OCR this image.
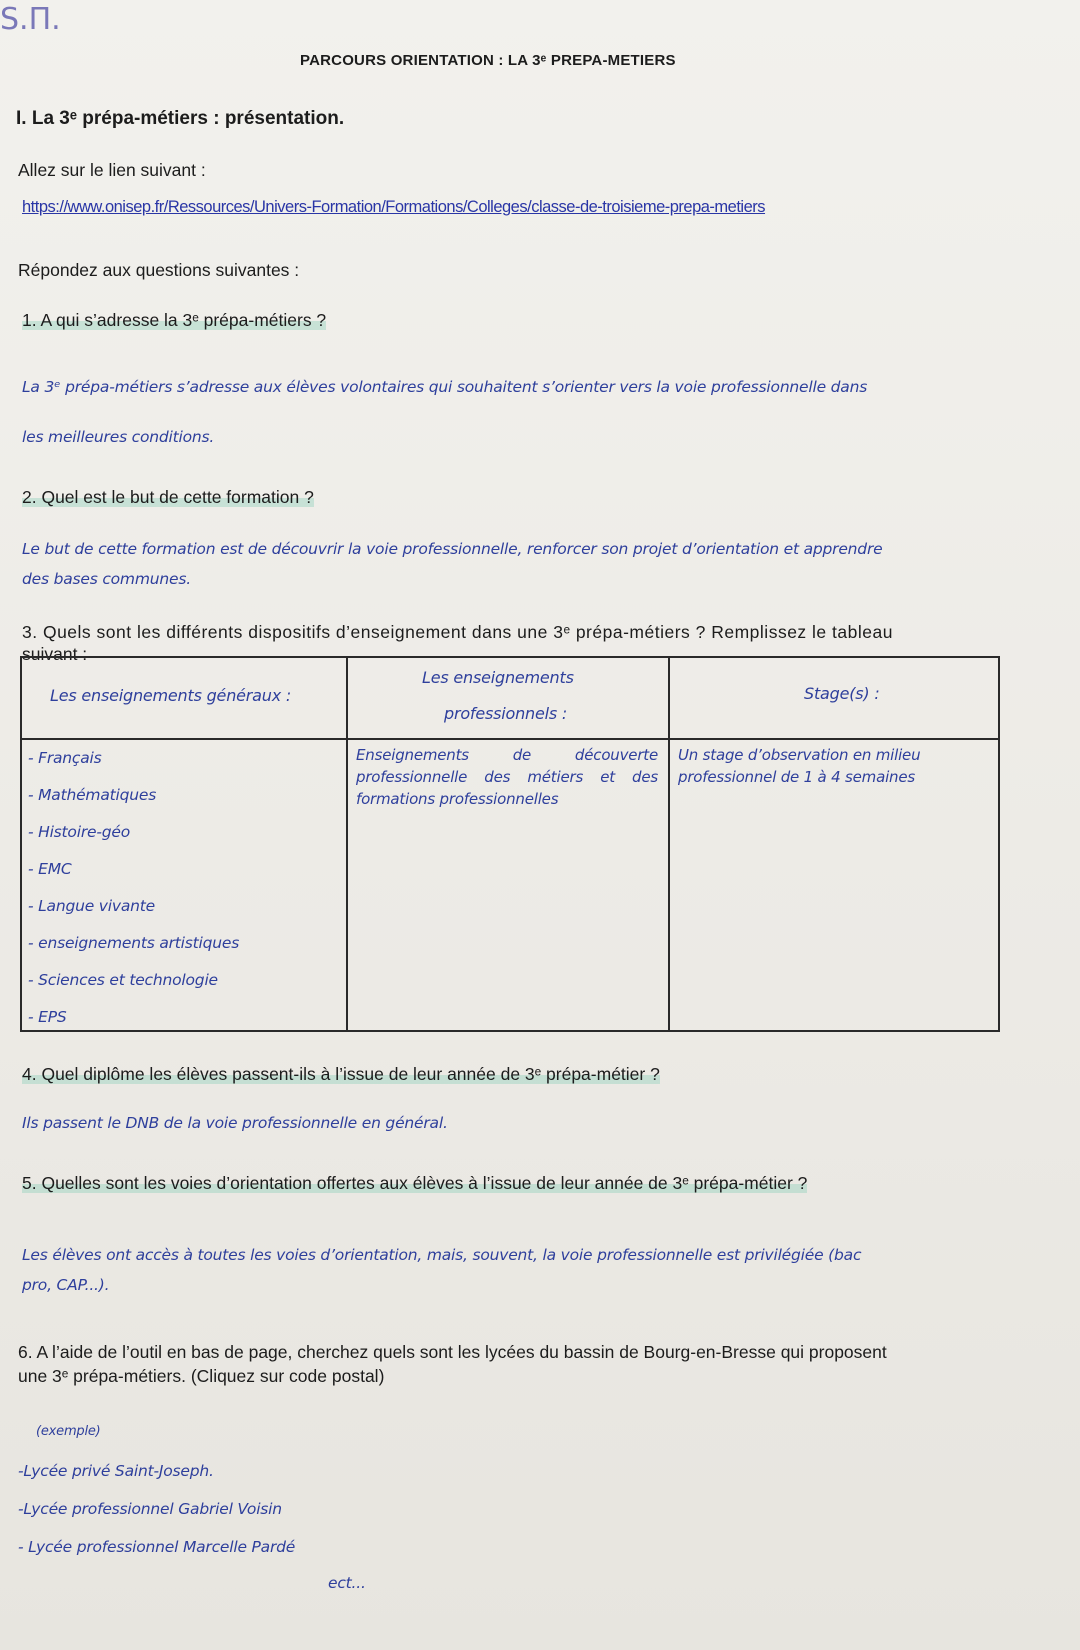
S.Π.
PARCOURS ORIENTATION : LA 3ᵉ PREPA-METIERS
I. La 3ᵉ prépa-métiers : présentation.
Allez sur le lien suivant :
https://www.onisep.fr/Ressources/Univers-Formation/Formations/Colleges/classe-de-troisieme-prepa-metiers
Répondez aux questions suivantes :
1. A qui s’adresse la 3ᵉ prépa-métiers ?
La 3ᵉ prépa-métiers s’adresse aux élèves volontaires qui souhaitent s’orienter vers la voie professionnelle dans
les meilleures conditions.
2. Quel est le but de cette formation ?
Le but de cette formation est de découvrir la voie professionnelle, renforcer son projet d’orientation et apprendre
des bases communes.
3. Quels sont les différents dispositifs d’enseignement dans une 3ᵉ prépa-métiers ? Remplissez le tableau
suivant :
Les enseignements généraux :
Les enseignements
professionnels :
Stage(s) :
- Français
- Mathématiques
- Histoire-géo
- EMC
- Langue vivante
- enseignements artistiques
- Sciences et technologie
- EPS
Enseignements de découverte professionnelle des métiers et des formations professionnelles
Un stage d’observation en milieu professionnel de 1 à 4 semaines
4. Quel diplôme les élèves passent-ils à l’issue de leur année de 3ᵉ prépa-métier ?
Ils passent le DNB de la voie professionnelle en général.
5. Quelles sont les voies d’orientation offertes aux élèves à l’issue de leur année de 3ᵉ prépa-métier ?
Les élèves ont accès à toutes les voies d’orientation, mais, souvent, la voie professionnelle est privilégiée (bac
pro, CAP...).
6. A l’aide de l’outil en bas de page, cherchez quels sont les lycées du bassin de Bourg-en-Bresse qui proposent
une 3ᵉ prépa-métiers. (Cliquez sur code postal)
(exemple)
-Lycée privé Saint-Joseph.
-Lycée professionnel Gabriel Voisin
- Lycée professionnel Marcelle Pardé
ect...
